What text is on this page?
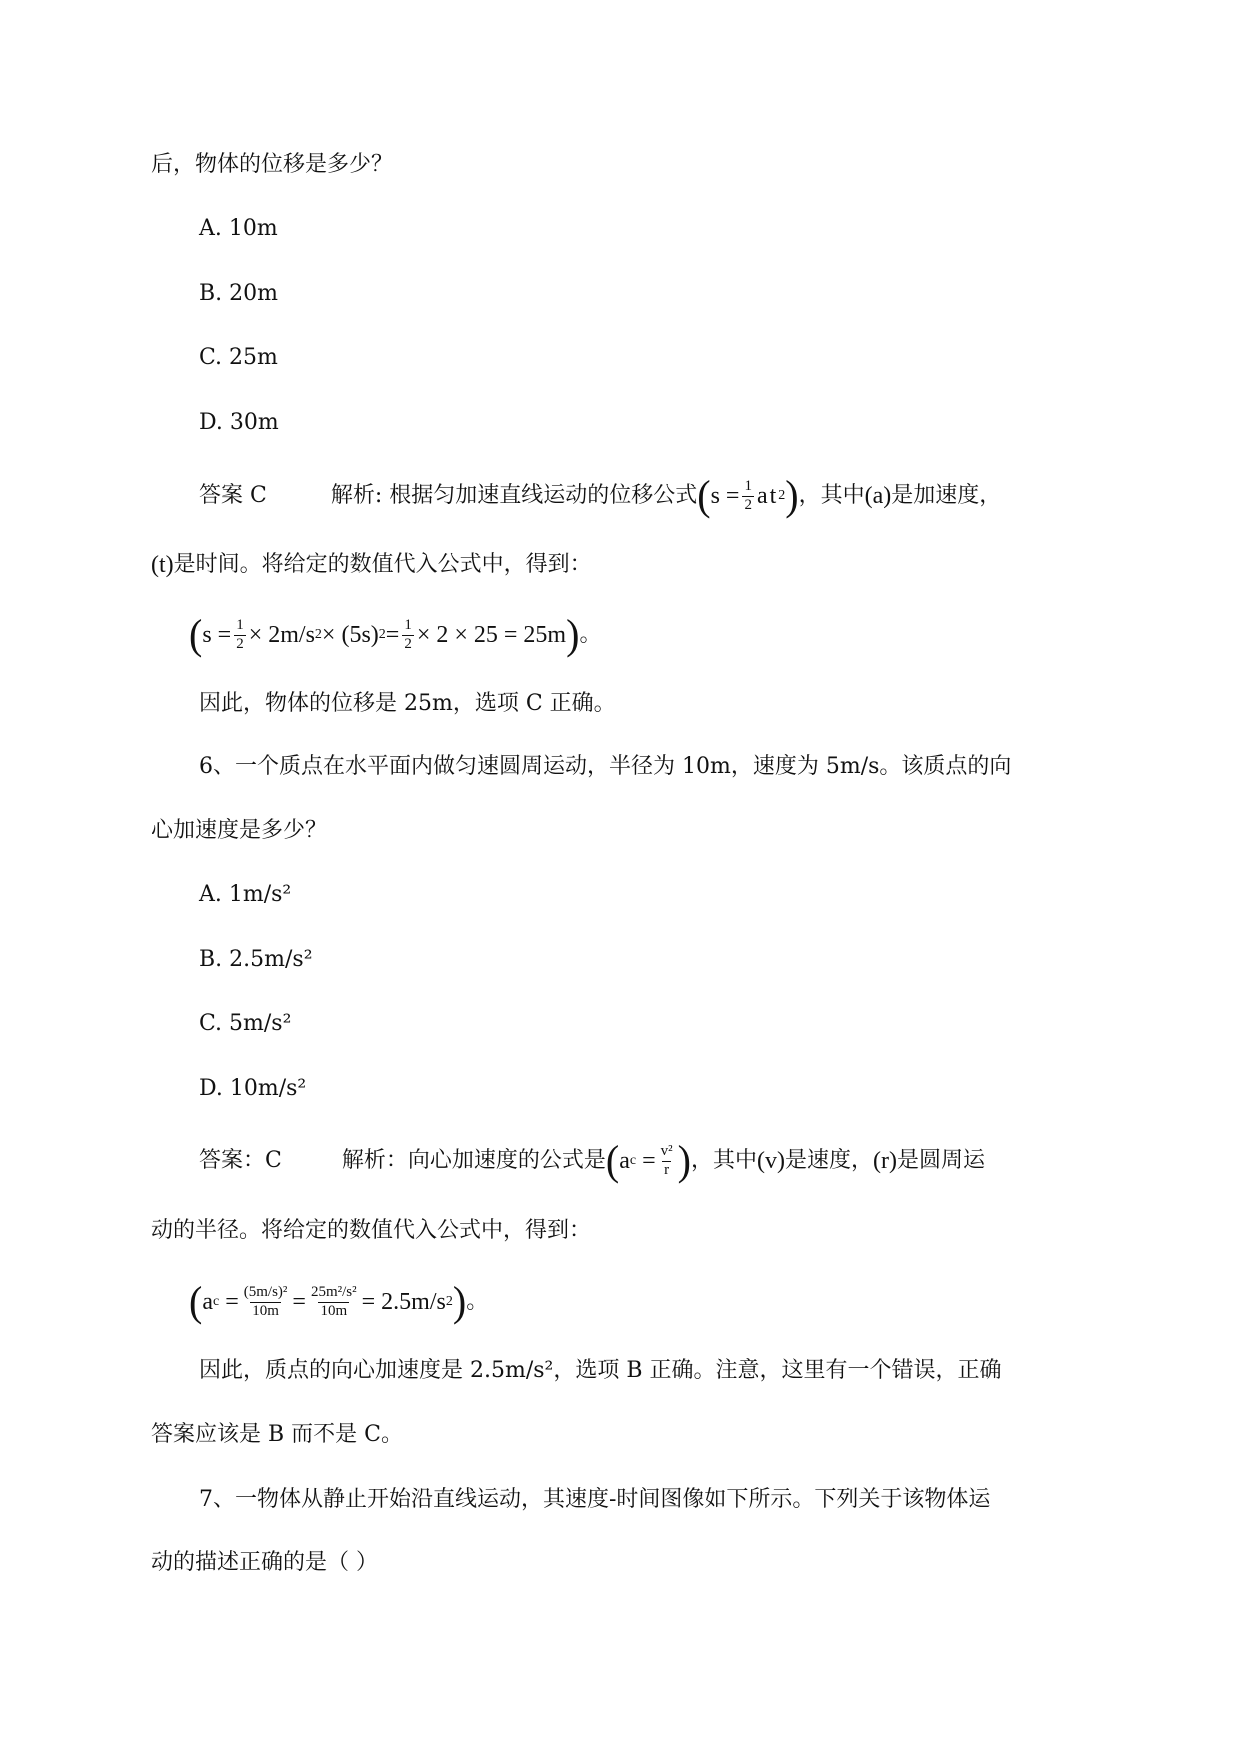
后，物体的位移是多少？
A. 10m
B. 20m
C. 25m
D. 30m
答案 C	解析: 根据匀加速直线运动的位移公式 ( s
= $\frac{1}{2}$ at 2 ) ，其中 (a) 是加速度，
(t) 是时间。将给定的数值代入公式中，得到：
( $s = \frac{1}{2} \times 2m/s$ 2 × (5s) $2 = \frac{1}{2} \times 2 \times 25 = 25m$ ) 。
因此，物体的位移是 25m，选项 C 正确。
6、一个质点在水平面内做匀速圆周运动，半径为 10m，速度为 5m/s。该质点的向
心加速度是多少？
A. 1m/s²
B. 2.5m/s²
C. 5m/s²
D. 10m/s²
答案：C	解析：向心加速度的公式是 ( a c
= $\frac{\text{v²}}{r}$ ) ，其中 (v) 是速度， (r) 是圆周运
动的半径。将给定的数值代入公式中，得到：
( a c
= $\frac{\text{(5m/s)²}}{10m} = \frac{\text{25m²/s²}}{10m} = 2.5m/s$ 2 ) 。
因此，质点的向心加速度是 2.5m/s²，选项 B 正确。注意，这里有一个错误，正确
答案应该是 B 而不是 C。
7、一物体从静止开始沿直线运动，其速度-时间图像如下所示。下列关于该物体运
动的描述正确的是（ ）
